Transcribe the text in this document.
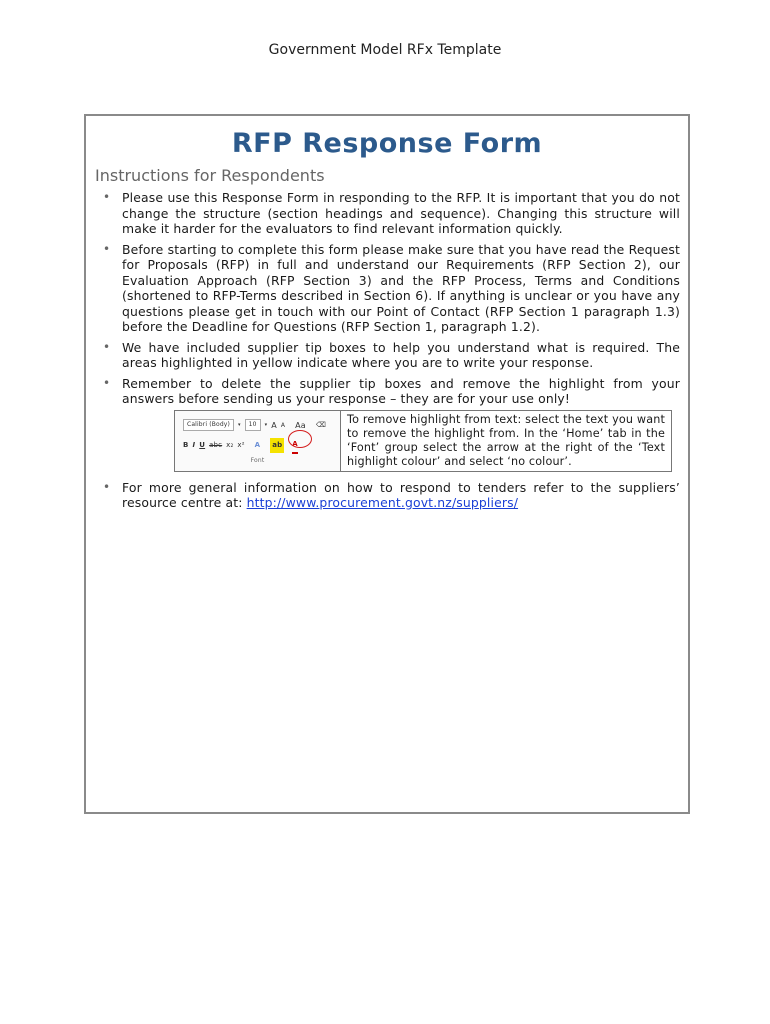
Government Model RFx Template
RFP Response Form
Instructions for Respondents
• Please use this Response Form in responding to the RFP. It is important that you do not change the structure (section headings and sequence). Changing this structure will make it harder for the evaluators to find relevant information quickly.
• Before starting to complete this form please make sure that you have read the Request for Proposals (RFP) in full and understand our Requirements (RFP Section 2), our Evaluation Approach (RFP Section 3) and the RFP Process, Terms and Conditions (shortened to RFP-Terms described in Section 6). If anything is unclear or you have any questions please get in touch with our Point of Contact (RFP Section 1 paragraph 1.3) before the Deadline for Questions (RFP Section 1, paragraph 1.2).
• We have included supplier tip boxes to help you understand what is required. The areas highlighted in yellow indicate where you are to write your response.
• Remember to delete the supplier tip boxes and remove the highlight from your answers before sending us your response – they are for your use only!
Calibri (Body)	▾	10	▾ A A Aa ⌫
B I U abc x₂ x² A ab A
Font
To remove highlight from text: select the text you want to remove the highlight from. In the ‘Home’ tab in the ‘Font’ group select the arrow at the right of the ‘Text highlight colour’ and select ‘no colour’.
• For more general information on how to respond to tenders refer to the suppliers’ resource centre at: http://www.procurement.govt.nz/suppliers/
